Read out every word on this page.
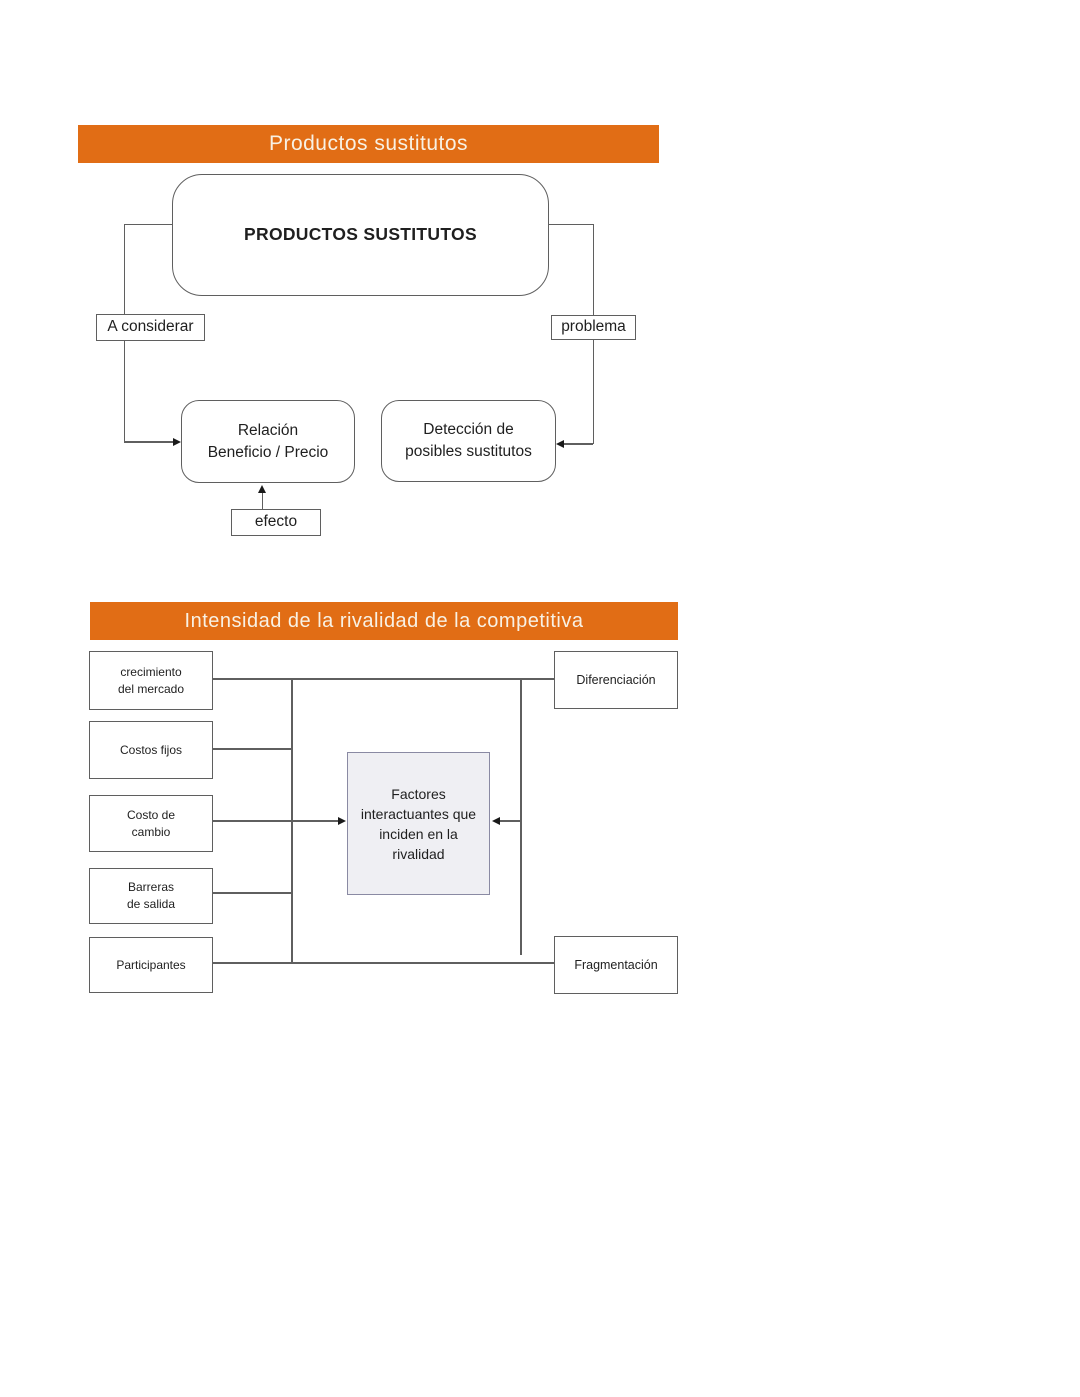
Productos sustitutos
PRODUCTOS SUSTITUTOS
A considerar
Relación
Beneficio / Precio
problema
Detección de
posibles sustitutos
efecto
Intensidad de la rivalidad de la competitiva
crecimiento
del mercado
Costos fijos
Costo de
cambio
Barreras
de salida
Participantes
Diferenciación
Fragmentación
Factores
interactuantes que
inciden en la
rivalidad
